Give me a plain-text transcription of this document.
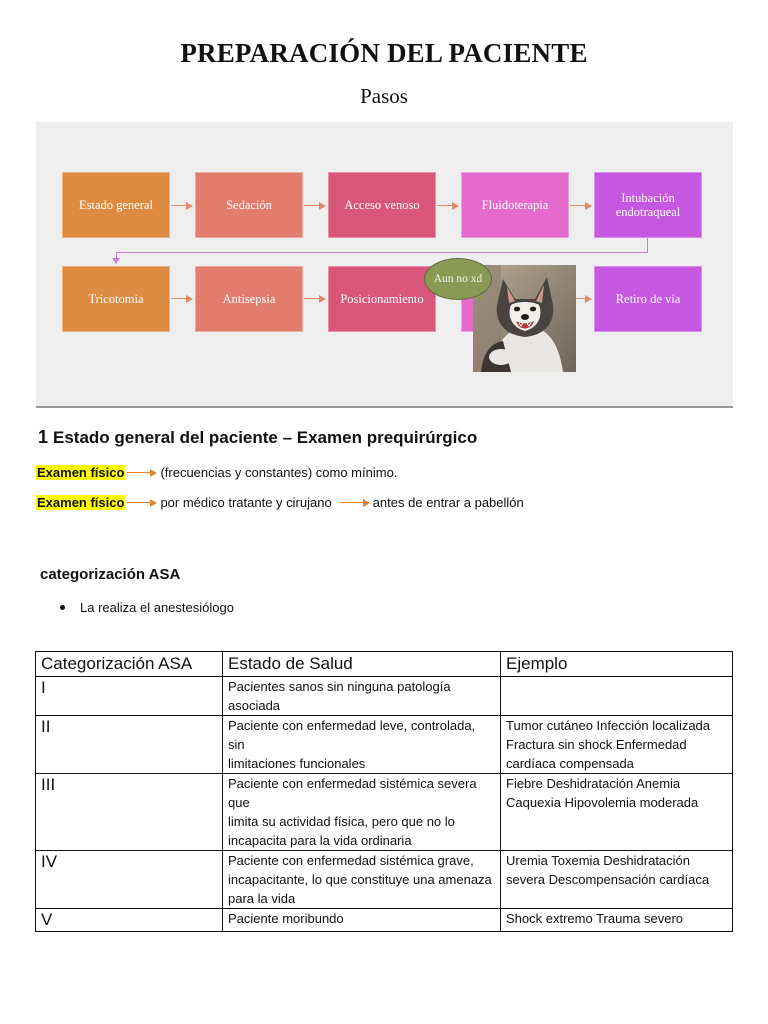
PREPARACIÓN DEL PACIENTE
Pasos
Estado general	Sedación	Acceso venoso	Fluidoterapia
Intubación endotraqueal
Tricotomía	Antisepsia	Posicionamiento	Retiro de vía
Aun no xd
1 Estado general del paciente – Examen prequirúrgico
Examen físico	(frecuencias y constantes) como mínimo.
Examen físico	por médico tratante y cirujano	antes de entrar a pabellón
categorización ASA
La realiza el anestesiólogo
Categorización ASA	Estado de Salud	Ejemplo
I	Pacientes sanos sin ninguna patología asociada	

II	Paciente con enfermedad leve, controlada, sin
limitaciones funcionales	Tumor cutáneo Infección localizada Fractura sin shock Enfermedad cardíaca compensada

III	Paciente con enfermedad sistémica severa que
limita su actividad física, pero que no lo incapacita para la vida ordinaria	Fiebre Deshidratación Anemia Caquexia Hipovolemia moderada

IV	Paciente con enfermedad sistémica grave,
incapacitante, lo que constituye una amenaza
para la vida	Uremia Toxemia Deshidratación severa Descompensación cardíaca

V	Paciente moribundo	Shock extremo Trauma severo
